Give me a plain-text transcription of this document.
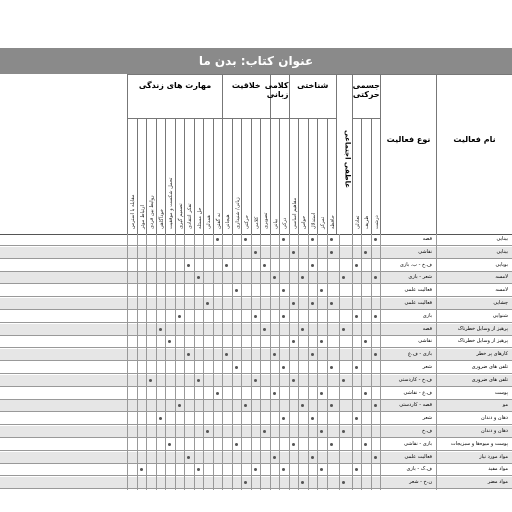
عنوان کتاب: بدن ما
نام فعالیت
نوع فعالیت
جسمی حرکتی
درشت
ظریف
تعادلی
عاطفی اجتماعی
شناختی
حافظه
تمرکز
استدلال
حواس
مفاهیم اساسی
کلامی زبانی
درکی
بیانی
خلاقیت
تصویری
کلامی
حرکتی
زبانی/ شنیداری
هیجانی
مهارت های زندگی
نه گفتن
همدلی
حل مسئله
تفکر انتقادی
تصمیم گیری
تحمل شکست و موفقیت
خودآگاهی
روابط بین فردی
ارتباط موثر
مقابله با استرس
بینایی
قصه
بینایی
نقاشی
بویایی
ف.خ - ب. بازی
لامسه
شعر - بازی
لامسه
فعالیت علمی
چشایی
فعالیت علمی
شنوایی
بازی
پرهیز از وسایل خطرناک
قصه
پرهیز از وسایل خطرناک
نقاشی
کارهای پر خطر
بازی - ف.ع
تلفن های ضروری
شعر
تلفن های ضروری
ف.خ - کاردستی
پوست
ف.ع - نقاشی
مو
قصه - کاردستی
دهان و دندان
شعر
دهان و دندان
ف.خ
پوست و میوه‌ها و سبزیجات
بازی - نقاشی
مواد مورد نیاز
فعالیت علمی
مواد مفید
ف.ک - بازی
مواد مضر
ن.خ - شعر
